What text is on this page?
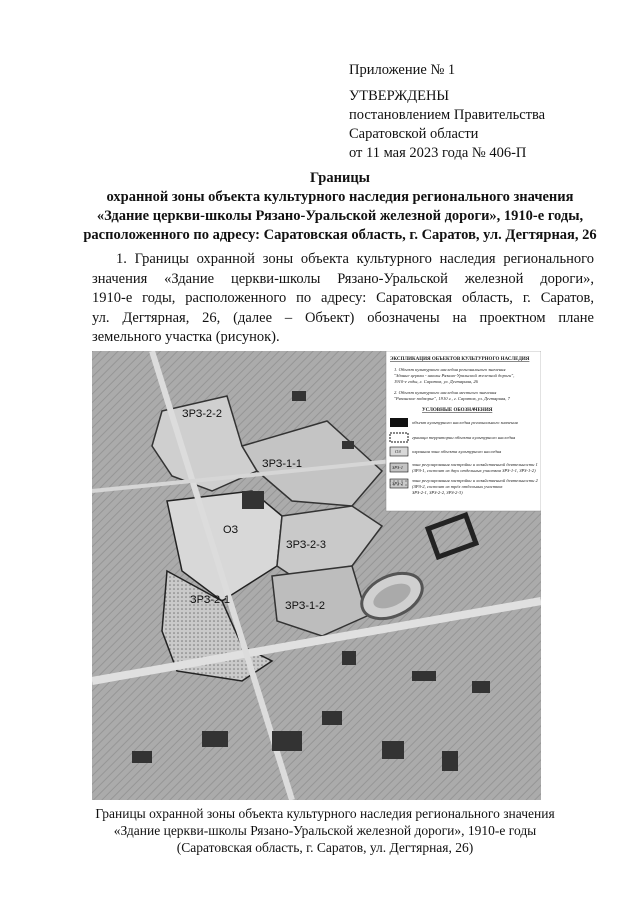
Приложение № 1
УТВЕРЖДЕНЫ
постановлением Правительства
Саратовской области
от 11 мая 2023 года № 406-П
Границы
охранной зоны объекта культурного наследия регионального значения
«Здание церкви-школы Рязано-Уральской железной дороги», 1910-е годы,
расположенного по адресу: Саратовская область, г. Саратов, ул. Дегтярная, 26
1. Границы охранной зоны объекта культурного наследия регионального
значения «Здание церкви-школы Рязано-Уральской железной дороги»,
1910-е годы, расположенного по адресу: Саратовская область, г. Саратов,
ул. Дегтярная, 26, (далее – Объект) обозначены на проектном плане
земельного участка (рисунок).
ЗРЗ-2-2
ЗРЗ-1-1
ОЗ
ЗРЗ-2-3
ЗРЗ-2-1	ЗРЗ-1-2
ЭКСПЛИКАЦИЯ ОБЪЕКТОВ КУЛЬТУРНОГО НАСЛЕДИЯ
1. Объект культурного наследия регионального значения
"Здание церкви - школы Рязано-Уральской железной дороги",
1910-е годы, г. Саратов, ул. Дегтярная, 26
2. Объект культурного наследия местного значения
"Рязанское подворье", 1910 г., г. Саратов, ул. Дегтярная, 7
УСЛОВНЫЕ ОБОЗНАЧЕНИЯ
объект культурного наследия регионального значения
граница территории объекта культурного наследия
ОЗ охранная зона объекта культурного наследия
ЗРЗ-1
зона регулирования застройки и хозяйственной деятельности 1
(ЗРЗ-1, состоит из двух отдельных участков ЗРЗ-1-1, ЗРЗ-1-2)
ЗРЗ-2
зона регулирования застройки и хозяйственной деятельности 2
(ЗРЗ-2, состоит из трёх отдельных участков
ЗРЗ-2-1, ЗРЗ-2-2, ЗРЗ-2-3)
Границы охранной зоны объекта культурного наследия регионального значения
«Здание церкви-школы Рязано-Уральской железной дороги», 1910-е годы
(Саратовская область, г. Саратов, ул. Дегтярная, 26)
